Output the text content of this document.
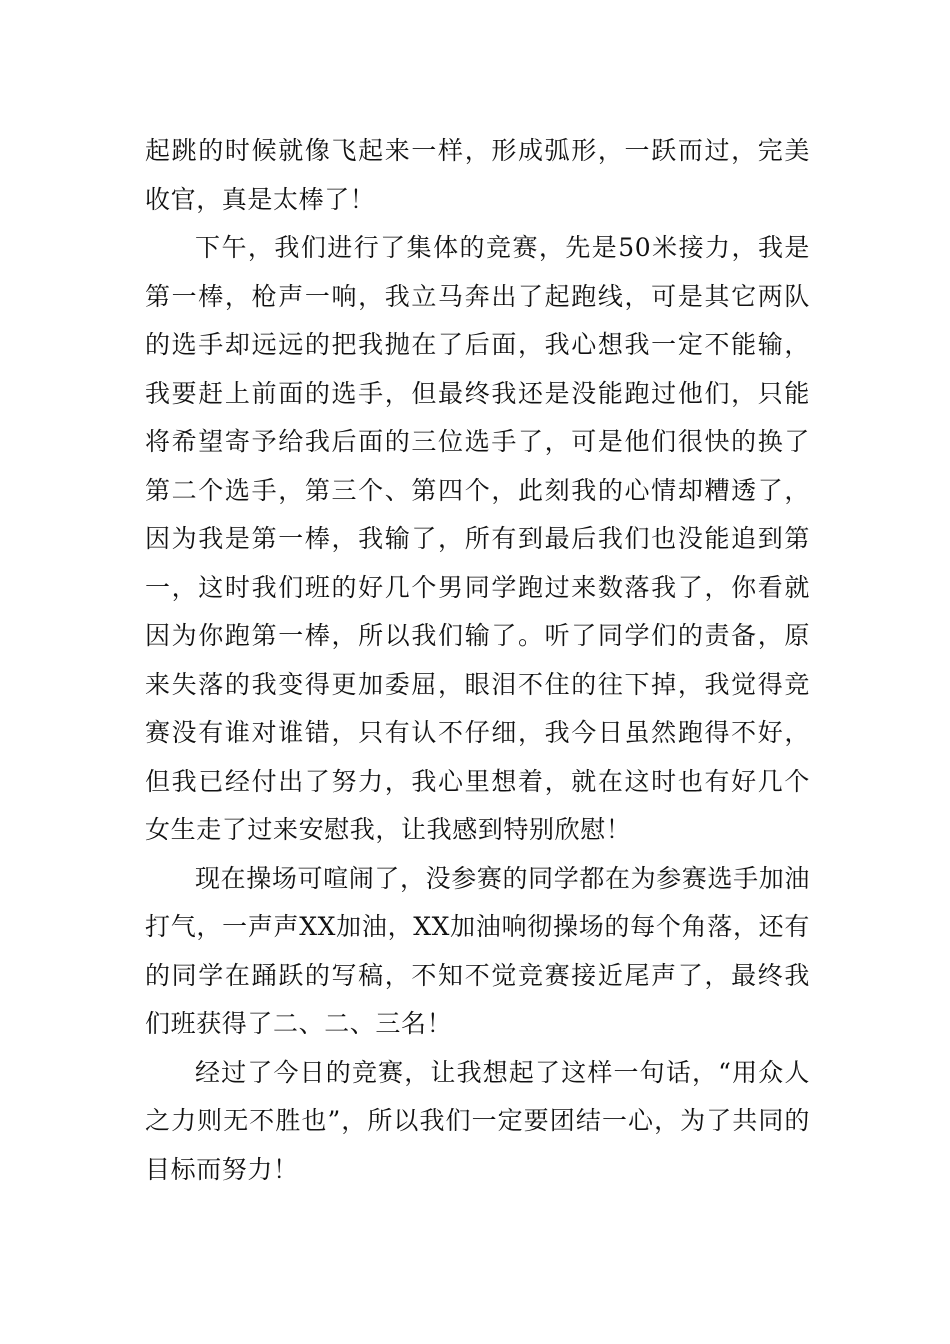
起跳的时候就像飞起来一样，形成弧形，一跃而过，完美收官，真是太棒了！

下午，我们进行了集体的竞赛，先是50米接力，我是第一棒，枪声一响，我立马奔出了起跑线，可是其它两队的选手却远远的把我抛在了后面，我心想我一定不能输，我要赶上前面的选手，但最终我还是没能跑过他们，只能将希望寄予给我后面的三位选手了，可是他们很快的换了第二个选手，第三个、第四个，此刻我的心情却糟透了，因为我是第一棒，我输了，所有到最后我们也没能追到第一，这时我们班的好几个男同学跑过来数落我了，你看就因为你跑第一棒，所以我们输了。听了同学们的责备，原来失落的我变得更加委屈，眼泪不住的往下掉，我觉得竞赛没有谁对谁错，只有认不仔细，我今日虽然跑得不好，但我已经付出了努力，我心里想着，就在这时也有好几个女生走了过来安慰我，让我感到特别欣慰！

现在操场可喧闹了，没参赛的同学都在为参赛选手加油打气，一声声XX加油，XX加油响彻操场的每个角落，还有的同学在踊跃的写稿，不知不觉竞赛接近尾声了，最终我们班获得了二、二、三名！

经过了今日的竞赛，让我想起了这样一句话，“用众人之力则无不胜也”，所以我们一定要团结一心，为了共同的目标而努力！
